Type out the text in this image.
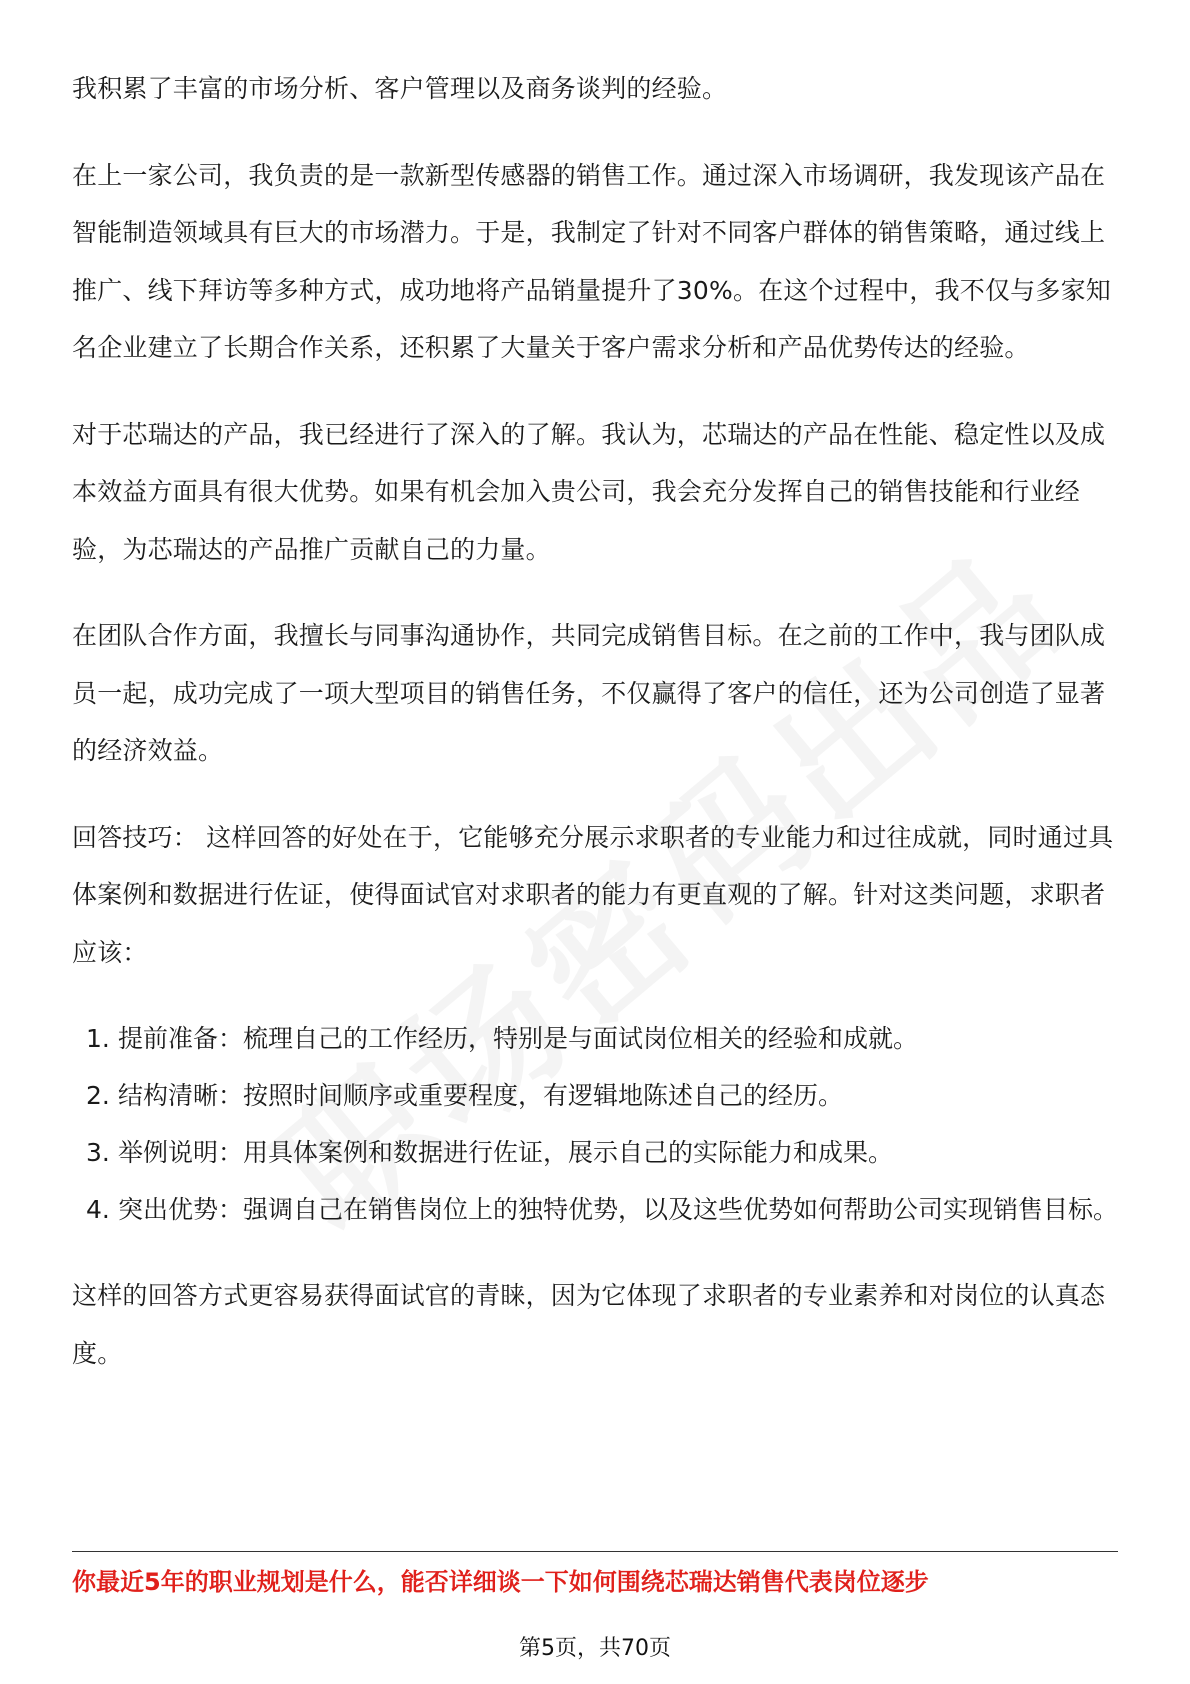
我积累了丰富的市场分析、客户管理以及商务谈判的经验。

在上一家公司，我负责的是一款新型传感器的销售工作。通过深入市场调研，我发现该产品在智能制造领域具有巨大的市场潜力。于是，我制定了针对不同客户群体的销售策略，通过线上推广、线下拜访等多种方式，成功地将产品销量提升了30%。在这个过程中，我不仅与多家知名企业建立了长期合作关系，还积累了大量关于客户需求分析和产品优势传达的经验。

对于芯瑞达的产品，我已经进行了深入的了解。我认为，芯瑞达的产品在性能、稳定性以及成本效益方面具有很大优势。如果有机会加入贵公司，我会充分发挥自己的销售技能和行业经验，为芯瑞达的产品推广贡献自己的力量。

在团队合作方面，我擅长与同事沟通协作，共同完成销售目标。在之前的工作中，我与团队成员一起，成功完成了一项大型项目的销售任务，不仅赢得了客户的信任，还为公司创造了显著的经济效益。

回答技巧： 这样回答的好处在于，它能够充分展示求职者的专业能力和过往成就，同时通过具体案例和数据进行佐证，使得面试官对求职者的能力有更直观的了解。针对这类问题，求职者应该：

1. 提前准备：梳理自己的工作经历，特别是与面试岗位相关的经验和成就。
2. 结构清晰：按照时间顺序或重要程度，有逻辑地陈述自己的经历。
3. 举例说明：用具体案例和数据进行佐证，展示自己的实际能力和成果。
4. 突出优势：强调自己在销售岗位上的独特优势，以及这些优势如何帮助公司实现销售目标。

这样的回答方式更容易获得面试官的青睐，因为它体现了求职者的专业素养和对岗位的认真态度。

你最近5年的职业规划是什么，能否详细谈一下如何围绕芯瑞达销售代表岗位逐步
第5页，共70页
